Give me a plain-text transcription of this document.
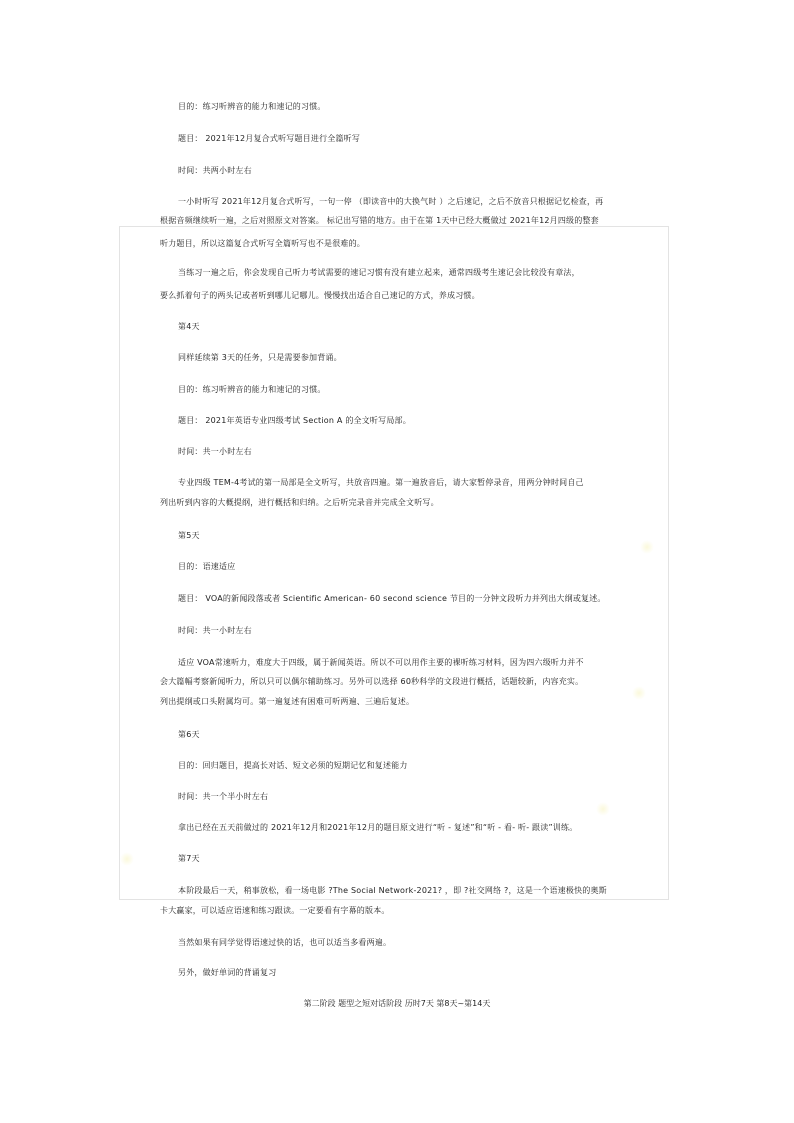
目的：练习听辨音的能力和速记的习惯。
题目： 2021年12月复合式听写题目进行全篇听写
时间：共两小时左右
一小时听写 2021年12月复合式听写，一句一停 （即读音中的大换气时 ）之后速记，之后不放音只根据记忆检查，再
根据音频继续听一遍，之后对照原文对答案。 标记出写错的地方。由于在第 1天中已经大概做过 2021年12月四级的整套
听力题目，所以这篇复合式听写全篇听写也不是很难的。
当练习一遍之后，你会发现自己听力考试需要的速记习惯有没有建立起来，通常四级考生速记会比较没有章法，
要么抓着句子的两头记或者听到哪儿记哪儿。慢慢找出适合自己速记的方式，养成习惯。
第4天
同样延续第 3天的任务，只是需要参加背诵。
目的：练习听辨音的能力和速记的习惯。
题目： 2021年英语专业四级考试 Section A 的全文听写局部。
时间：共一小时左右
专业四级 TEM-4考试的第一局部是全文听写，共放音四遍。第一遍放音后，请大家暂停录音，用两分钟时间自己
列出听到内容的大概提纲，进行概括和归纳。之后听完录音并完成全文听写。
第5天
目的：语速适应
题目： VOA的新闻段落或者 Scientific American- 60 second science 节目的一分钟文段听力并列出大纲或复述。
时间：共一小时左右
适应 VOA常速听力，难度大于四级，属于新闻英语。所以不可以用作主要的裸听练习材料，因为四六级听力并不
会大篇幅考察新闻听力，所以只可以偶尔辅助练习。另外可以选择 60秒科学的文段进行概括，话题较新，内容充实。
列出提纲或口头附属均可。第一遍复述有困难可听两遍、三遍后复述。
第6天
目的：回归题目，提高长对话、短文必须的短期记忆和复述能力
时间：共一个半小时左右
拿出已经在五天前做过的 2021年12月和2021年12月的题目原文进行“听 - 复述”和“听 - 看- 听- 跟读”训练。
第7天
本阶段最后一天，稍事放松，看一场电影 ?The Social Network-2021? ，即 ?社交网络 ?，这是一个语速极快的奥斯
卡大赢家，可以适应语速和练习跟读。一定要看有字幕的版本。
当然如果有同学觉得语速过快的话，也可以适当多看两遍。
另外，做好单词的背诵复习
第二阶段 题型之短对话阶段 历时7天 第8天~第14天
